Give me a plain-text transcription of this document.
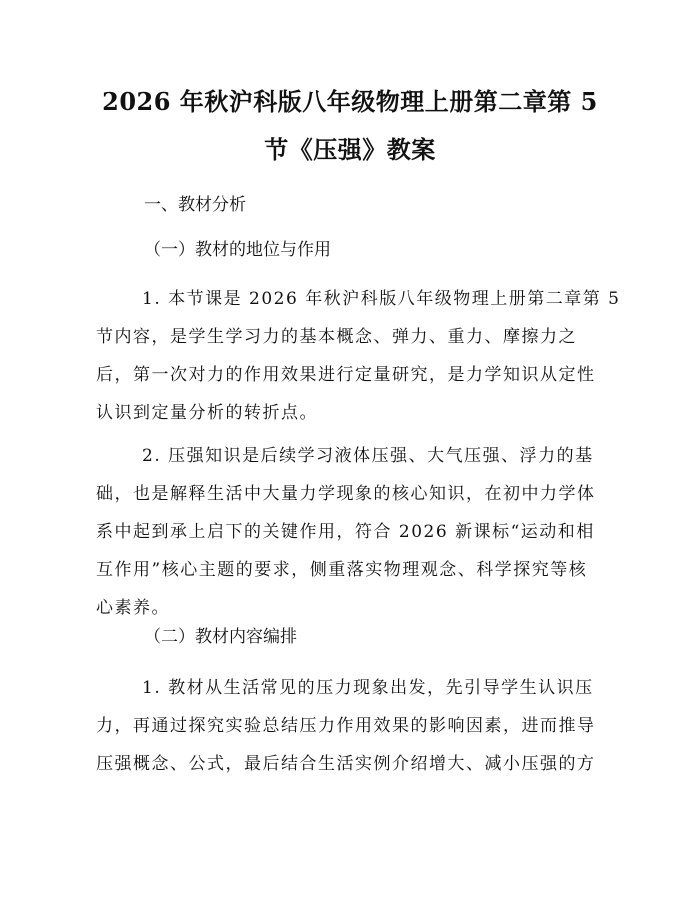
2026 年秋沪科版八年级物理上册第二章第 5
节《压强》教案
一、教材分析
（一）教材的地位与作用
1. 本节课是 2026 年秋沪科版八年级物理上册第二章第 5
节内容，是学生学习力的基本概念、弹力、重力、摩擦力之
后，第一次对力的作用效果进行定量研究，是力学知识从定性
认识到定量分析的转折点。
2. 压强知识是后续学习液体压强、大气压强、浮力的基
础，也是解释生活中大量力学现象的核心知识，在初中力学体
系中起到承上启下的关键作用，符合 2026 新课标“运动和相
互作用”核心主题的要求，侧重落实物理观念、科学探究等核
心素养。
（二）教材内容编排
1. 教材从生活常见的压力现象出发，先引导学生认识压
力，再通过探究实验总结压力作用效果的影响因素，进而推导
压强概念、公式，最后结合生活实例介绍增大、减小压强的方
